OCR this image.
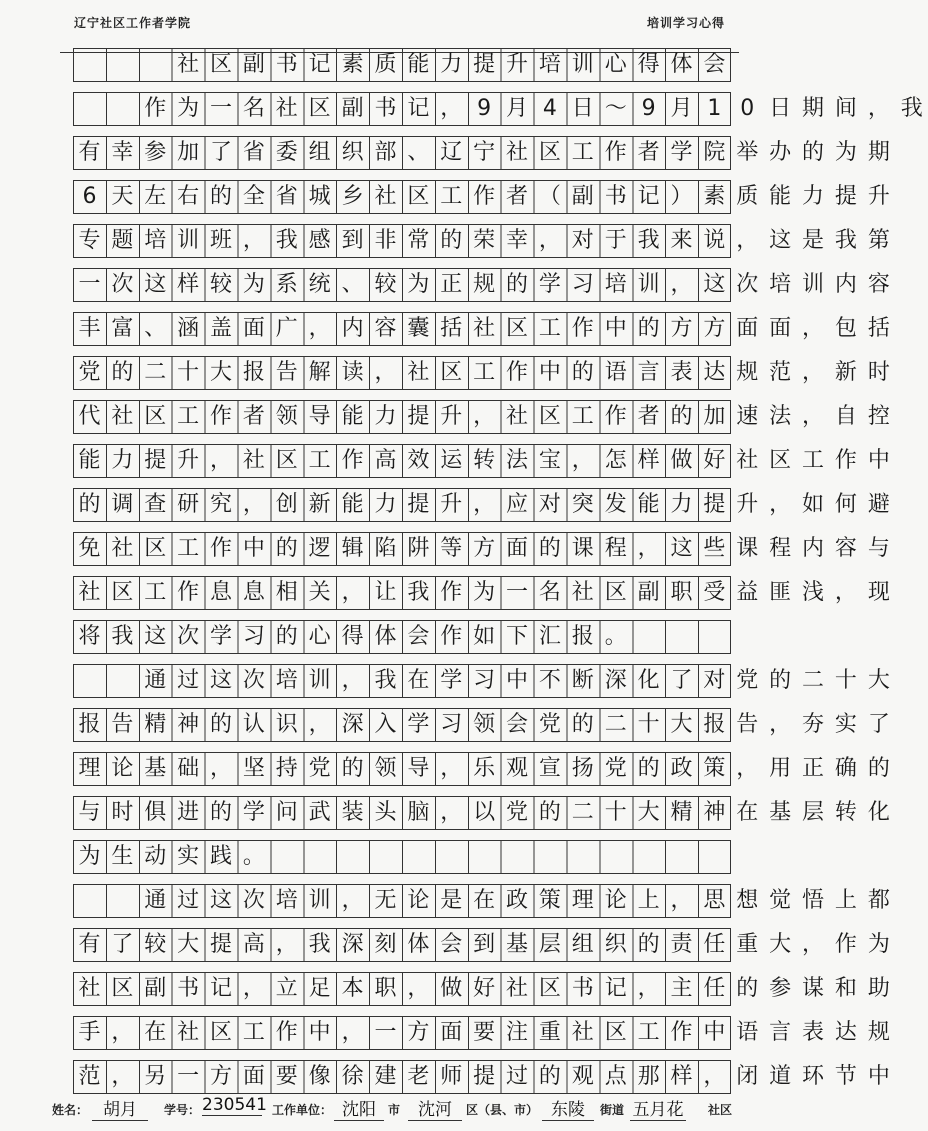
辽宁社区工作者学院	培训学习心得

社 区 副 书 记 素 质 能 力 提 升 培 训 心 得 体 会

作 为 一 名 社 区 副 书 记 ， 9 月 4 日 ～ 9 月 1 0 日 期 间 ， 我
有 幸 参 加 了 省 委 组 织 部 、 辽 宁 社 区 工 作 者 学 院 举 办 的 为 期
6 天 左 右 的 全 省 城 乡 社 区 工 作 者 （ 副 书 记 ） 素 质 能 力 提 升
专 题 培 训 班 ， 我 感 到 非 常 的 荣 幸 ， 对 于 我 来 说 ， 这 是 我 第
一 次 这 样 较 为 系 统 、 较 为 正 规 的 学 习 培 训 ， 这 次 培 训 内 容
丰 富 、 涵 盖 面 广 ， 内 容 囊 括 社 区 工 作 中 的 方 方 面 面 ， 包 括
党 的 二 十 大 报 告 解 读 ， 社 区 工 作 中 的 语 言 表 达 规 范 ， 新 时
代 社 区 工 作 者 领 导 能 力 提 升 ， 社 区 工 作 者 的 加 速 法 ， 自 控
能 力 提 升 ， 社 区 工 作 高 效 运 转 法 宝 ， 怎 样 做 好 社 区 工 作 中
的 调 查 研 究 ， 创 新 能 力 提 升 ， 应 对 突 发 能 力 提 升 ， 如 何 避
免 社 区 工 作 中 的 逻 辑 陷 阱 等 方 面 的 课 程 ， 这 些 课 程 内 容 与
社 区 工 作 息 息 相 关 ， 让 我 作 为 一 名 社 区 副 职 受 益 匪 浅 ， 现
将 我 这 次 学 习 的 心 得 体 会 作 如 下 汇 报 。

通 过 这 次 培 训 ， 我 在 学 习 中 不 断 深 化 了 对 党 的 二 十 大
报 告 精 神 的 认 识 ， 深 入 学 习 领 会 党 的 二 十 大 报 告 ， 夯 实 了
理 论 基 础 ， 坚 持 党 的 领 导 ， 乐 观 宣 扬 党 的 政 策 ， 用 正 确 的
与 时 俱 进 的 学 问 武 装 头 脑 ， 以 党 的 二 十 大 精 神 在 基 层 转 化
为 生 动 实 践 。

通 过 这 次 培 训 ， 无 论 是 在 政 策 理 论 上 ， 思 想 觉 悟 上 都
有 了 较 大 提 高 ， 我 深 刻 体 会 到 基 层 组 织 的 责 任 重 大 ， 作 为
社 区 副 书 记 ， 立 足 本 职 ， 做 好 社 区 书 记 ， 主 任 的 参 谋 和 助
手 ， 在 社 区 工 作 中 ， 一 方 面 要 注 重 社 区 工 作 中 语 言 表 达 规
范 ， 另 一 方 面 要 像 徐 建 老 师 提 过 的 观 点 那 样 ， 闭 道 环 节 中
姓名： 胡月	学号： 230541 工作单位： 沈阳	市	沈河	区（县、市） 东陵	街道 五月花 社区
